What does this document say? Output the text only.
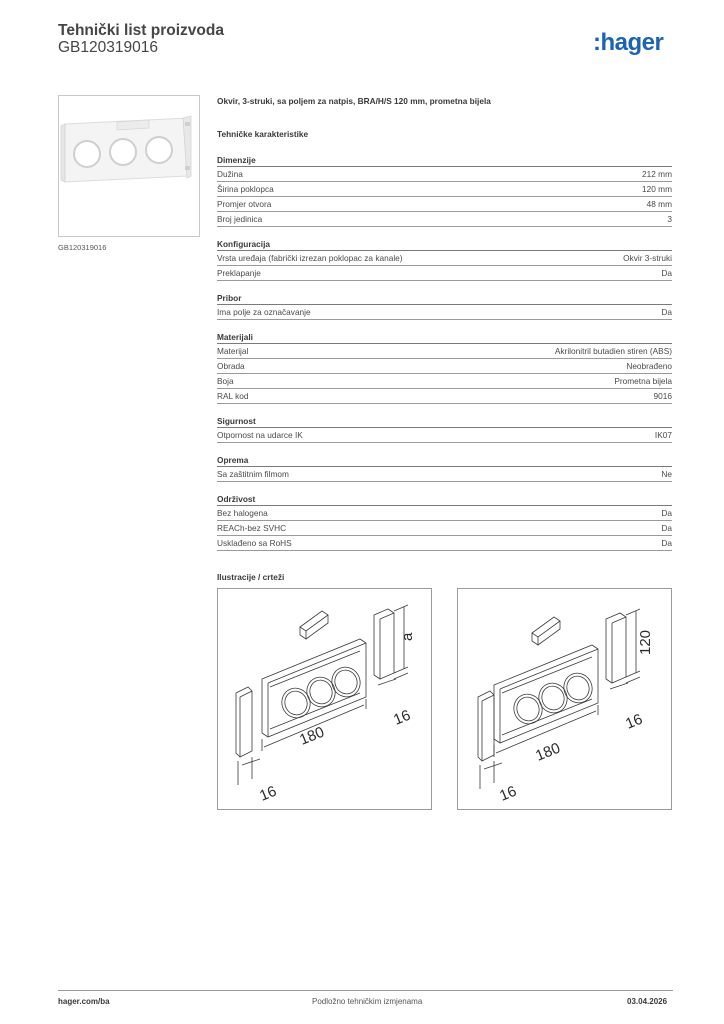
Tehnički list proizvoda
GB120319016	:hager
GB120319016
Okvir, 3-struki, sa poljem za natpis, BRA/H/S 120 mm, prometna bijela
Tehničke karakteristike
Dimenzije
Dužina	212 mm
Širina poklopca	120 mm
Promjer otvora	48 mm
Broj jedinica	3
Konfiguracija
Vrsta uređaja (fabrički izrezan poklopac za kanale)	Okvir 3-struki
Preklapanje	Da
Pribor
Ima polje za označavanje	Da
Materijali
Materijal	Akrilonitril butadien stiren (ABS)
Obrada	Neobrađeno
Boja	Prometna bijela
RAL kod	9016
Sigurnost
Otpornost na udarce IK	IK07
Oprema
Sa zaštitnim filmom	Ne
Održivost
Bez halogena	Da
REACh-bez SVHC	Da
Usklađeno sa RoHS	Da
Ilustracije / crteži
a
180
16
16
120
180
16
16
hager.com/ba	Podložno tehničkim izmjenama	03.04.2026
